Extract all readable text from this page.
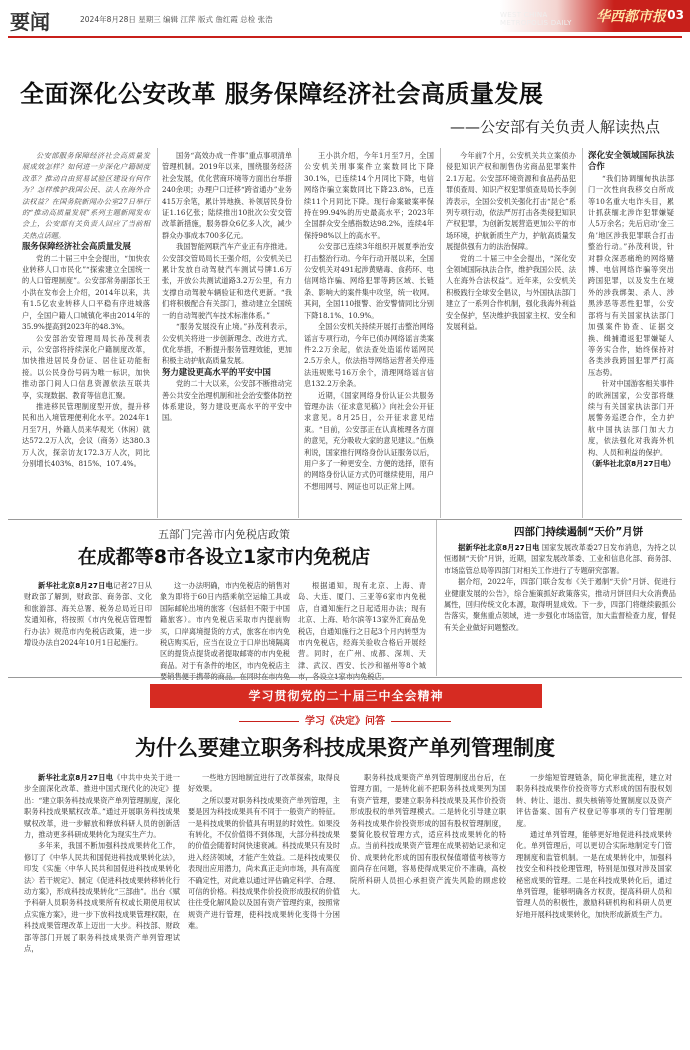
要闻	2024年8月28日 星期三 编辑 江萍 版式 詹红霞 总检 张浩	WEST CHINA METROPOLIS DAILY	华西都市报 03
全面深化公安改革 服务保障经济社会高质量发展
——公安部有关负责人解读热点

公安部服务保障经济社会高质量发展成效怎样？如何进一步深化户籍制度改革？推动自由贸易试验区建设有何作为？怎样维护我国公民、法人在海外合法权益？在国务院新闻办公室27日举行的“推动高质量发展”系列主题新闻发布会上，公安部有关负责人回应了当前相关热点话题。

服务保障经济社会高质量发展

党的二十届三中全会提出，“加快农业转移人口市民化”“探索建立全国统一的人口管理制度”。公安部常务副部长王小洪在发布会上介绍，2014年以来，共有1.5亿农业转移人口平稳有序进城落户，全国户籍人口城镇化率由2014年的35.9%提高到2023年的48.3%。

公安部治安管理局局长孙茂利表示，公安部将持续深化户籍制度改革，加快推进居民身份证、居住证功能衔接。以公民身份号码为唯一标识，加快推动部门间人口信息资源依法互联共享，实现数据、教育等信息汇聚。

推进移民管理制度型开放，提升移民和出入境管理便利化水平。2024年1月至7月，外籍人员来华观光（休闲）就达572.2万人次，会议（商务）达380.3万人次，探亲访友172.3万人次，同比分别增长403%、815%、107.4%。

国务“高效办成一件事”重点事项清单管理机制。2019年以来，围绕服务经济社会发展，优化营商环境等方面出台举措240余项；办理户口迁移“跨省通办”业务415万余笔，累计异地换、补领居民身份证1.16亿张；陆续推出10批次公安交管改革新措施，服务群众6亿多人次，减少群众办事成本700多亿元。

我国智能网联汽车产业正有序推进。公安部交管局局长王强介绍，公安机关已累计发放自动驾驶汽车测试号牌1.6万张，开放公共测试道路3.2万公里，有力支撑自动驾驶车辆验证和迭代更新。“我们将积极配合有关部门，推动建立全国统一的自动驾驶汽车技术标准体系。”

“服务发展没有止境。”孙茂利表示，公安机关将进一步创新理念、改进方式、优化举措，不断提升服务管理效能，更加积极主动护航高质量发展。

努力建设更高水平的平安中国

党的二十大以来，公安部不断推动完善公共安全治理机制和社会治安整体防控体系建设，努力建设更高水平的平安中国。

王小洪介绍，今年1月至7月，全国公安机关刑事案件立案数同比下降30.1%，已连续14个月同比下降，电信网络诈骗立案数同比下降23.8%，已连续11个月同比下降。现行命案破案率保持在99.94%的历史最高水平；2023年全国群众安全感指数达98.2%，连续4年保持98%以上的高水平。

公安部已连续3年组织开展夏季治安打击整治行动。今年行动开展以来，全国公安机关对491起涉黄赌毒、食药环、电信网络诈骗、网络犯罪等跨区域、长链条、影响大的案件集中攻坚，统一收网。其间，全国110报警、治安警情同比分别下降18.1%、10.9%。

全国公安机关持续开展打击整治网络谣言专项行动，今年已侦办网络谣言类案件2.2万余起，依法查处造谣传谣网民2.5万余人，依法指导网络运营者关停违法违规账号16万余个，清理网络谣言信息132.2万余条。

近期，《国家网络身份认证公共服务管理办法（征求意见稿）》向社会公开征求意见。8月25日，公开征求意见结束。“目前，公安部正在认真梳理各方面的意见，充分吸收大家的意见建议。”伍焕利说，国家推行网络身份认证服务以后，用户多了一种更安全、方便的选择，原有的网络身份认证方式仍可继续使用，用户不想用网号、网证也可以正常上网。

今年前7个月，公安机关共立案侦办侵犯知识产权和制售伪劣商品犯罪案件2.1万起。公安部环境资源和食品药品犯罪侦查局、知识产权犯罪侦查局局长李剑涛表示，全国公安机关强化打击“昆仑”系列专项行动，依法严厉打击各类侵犯知识产权犯罪，为创新发展营造更加公平的市场环境，护航新质生产力，护航高质量发展提供强有力的法治保障。

党的二十届三中全会提出，“深化安全领域国际执法合作，维护我国公民、法人在海外合法权益”。近年来，公安机关积极践行全球安全倡议，与外国执法部门建立了一系列合作机制，强化我海外利益安全保护，坚决维护我国家主权、安全和发展利益。

深化安全领域国际执法合作

“我们协调缅甸执法部门一次性向我移交白所成等10名重大电诈头目，累计抓获缅北涉诈犯罪嫌疑人5万余名；先后启动‘金三角’地区涉我犯罪联合打击整治行动。”孙茂利说，针对群众深恶痛绝的网络赌博、电信网络诈骗等突出跨国犯罪，以及发生在境外的涉我绑架、杀人、涉黑涉恶等恶性犯罪，公安部将与有关国家执法部门加强案件协查、证据交换、缉捕遣返犯罪嫌疑人等务实合作，始终保持对各类涉我跨国犯罪严打高压态势。

针对中国游客相关事件的欧洲国家，公安部将继续与有关国家执法部门开展警务巡逻合作，全力护航中国执法部门加大力度，依法强化对我海外机构、人员和利益的保护。

（新华社北京8月27日电）

五部门完善市内免税店政策
在成都等8市各设立1家市内免税店

新华社北京8月27日电记者27日从财政部了解到，财政部、商务部、文化和旅游部、海关总署、税务总局近日印发通知称，将按照《市内免税店管理暂行办法》规范市内免税店政策，进一步增设办法自2024年10月1日起施行。

这一办法明确，市内免税店的销售对象为即将于60日内搭乘航空运输工具或国际邮轮出境的旅客（包括但不限于中国籍旅客）。市内免税店采取市内提前购买，口岸离境提货的方式，旅客在市内免税店购买后，应当在设立于口岸出境隔离区的提货点提货或者提取邮寄的市内免税商品。对于有条件的地区，市内免税店主

根据通知，现有北京、上海、青岛、大连、厦门、三亚等6家市内免税店，自通知施行之日起适用办法；现有北京、上海、哈尔滨等13家外汇商品免税店，自通知施行之日起3个月内转型为市内免税店，经海关验收合格后开展经营。同时，在广州、成都、深圳、天津、武汉、西安、长沙和福州等8个城

四部门持续遏制“天价”月饼

据新华社北京8月27日电 国家发展改革委27日发布消息，为持之以恒遏制“天价”月饼，近期，国家发展改革委、工业和信息化部、商务部、市场监管总局等四部门对相关工作进行了专题研究部署。

据介绍，2022年，四部门联合发布《关于遏制“天价”月饼、促进行业健康发展的公告》，综合施策抓好政策落实，推动月饼回归大众消费品属性，回归传统文化本源，取得明显成效。下一步，四部门将继续毅抓公告落实，聚焦重点领域，进一步强化市场监管，加大监督检查力度，督促有关企业做好问题整改。

学习贯彻党的二十届三中全会精神
学习《决定》问答
为什么要建立职务科技成果资产单列管理制度

新华社北京8月27日电《中共中央关于进一步全面深化改革、推进中国式现代化的决定》提出：“建立职务科技成果资产单列管理制度，深化职务科技成果赋权改革。”通过开展职务科技成果赋权改革，进一步解放和释放科研人员的创新活力，推动更多科研成果转化为现实生产力。

多年来，我国不断加强科技成果转化工作，修订了《中华人民共和国促进科技成果转化法》，印发《实施〈中华人民共和国促进科技成果转化法〉若干规定》、制定《促进科技成果转移转化行动方案》，形成科技成果转化“三部曲”。出台《赋予科研人员职务科技成果所有权或长期使用权试点实施方案》，进一步下放科技成果管理权限，在科技成果管理改革上迈出一大步。科技部、财政部等部门开展了职务科技成果资产单列管理试点，

一些地方因地制宜进行了改革探索，取得良好效果。

之所以要对职务科技成果资产单列管理，主要是因为科技成果具有不同于一般资产的特征。一是科技成果的价值具有明显的时效性。如果没有转化，不仅价值得不到体现，大部分科技成果的价值会随着时间快速衰减。科技成果只有及时进入经济领域，才能产生效益。二是科技成果仅表现出应用潜力，尚未真正走向市场，具有高度不确定性，对此难以通过评估确定科学、合理、可信的价格。科技成果作价投资形成股权的价值往往受化解风险以及国有资产管理约束，按照常规资产进行管理，使科技成果转化变得十分困难。

职务科技成果资产单列管理制度出台后，在管理方面，一是转化前不把职务科技成果列为国有资产管理，要建立职务科技成果及其作价投资形成股权的单列管理模式。二是转化引导建立职务科技成果作价投资形成的国有股权管理制度，要简化股权管理方式，适应科技成果转化的特点。当前科技成果资产管理在成果初始记录和定价、成果转化形成的国有股权保值增值考核等方面尚存在问题，容易使得成果定价不准确，高校院所科研人员担心承担资产流失风险的顾虑较大。

一步缩短管理链条，简化审批流程，建立对职务科技成果作价投资等方式形成的国有股权划转、转让、退出、损失核销等处置制度以及资产评估备案、国有产权登记等事项的专门管理制度。

通过单列管理，能够更好地促进科技成果转化。单列管理后，可以更切合实际地制定专门管理制度和监管机制。一是在成果转化中，加强科技安全和科技伦理管理，特别是加强对涉及国家秘密成果的管理。二是在科技成果转化后，通过单列管理，能够明确各方权责，提高科研人员和管理人员的积极性，激励科研机构和科研人员更好地开展科技成果转化，加快形成新质生产力。
